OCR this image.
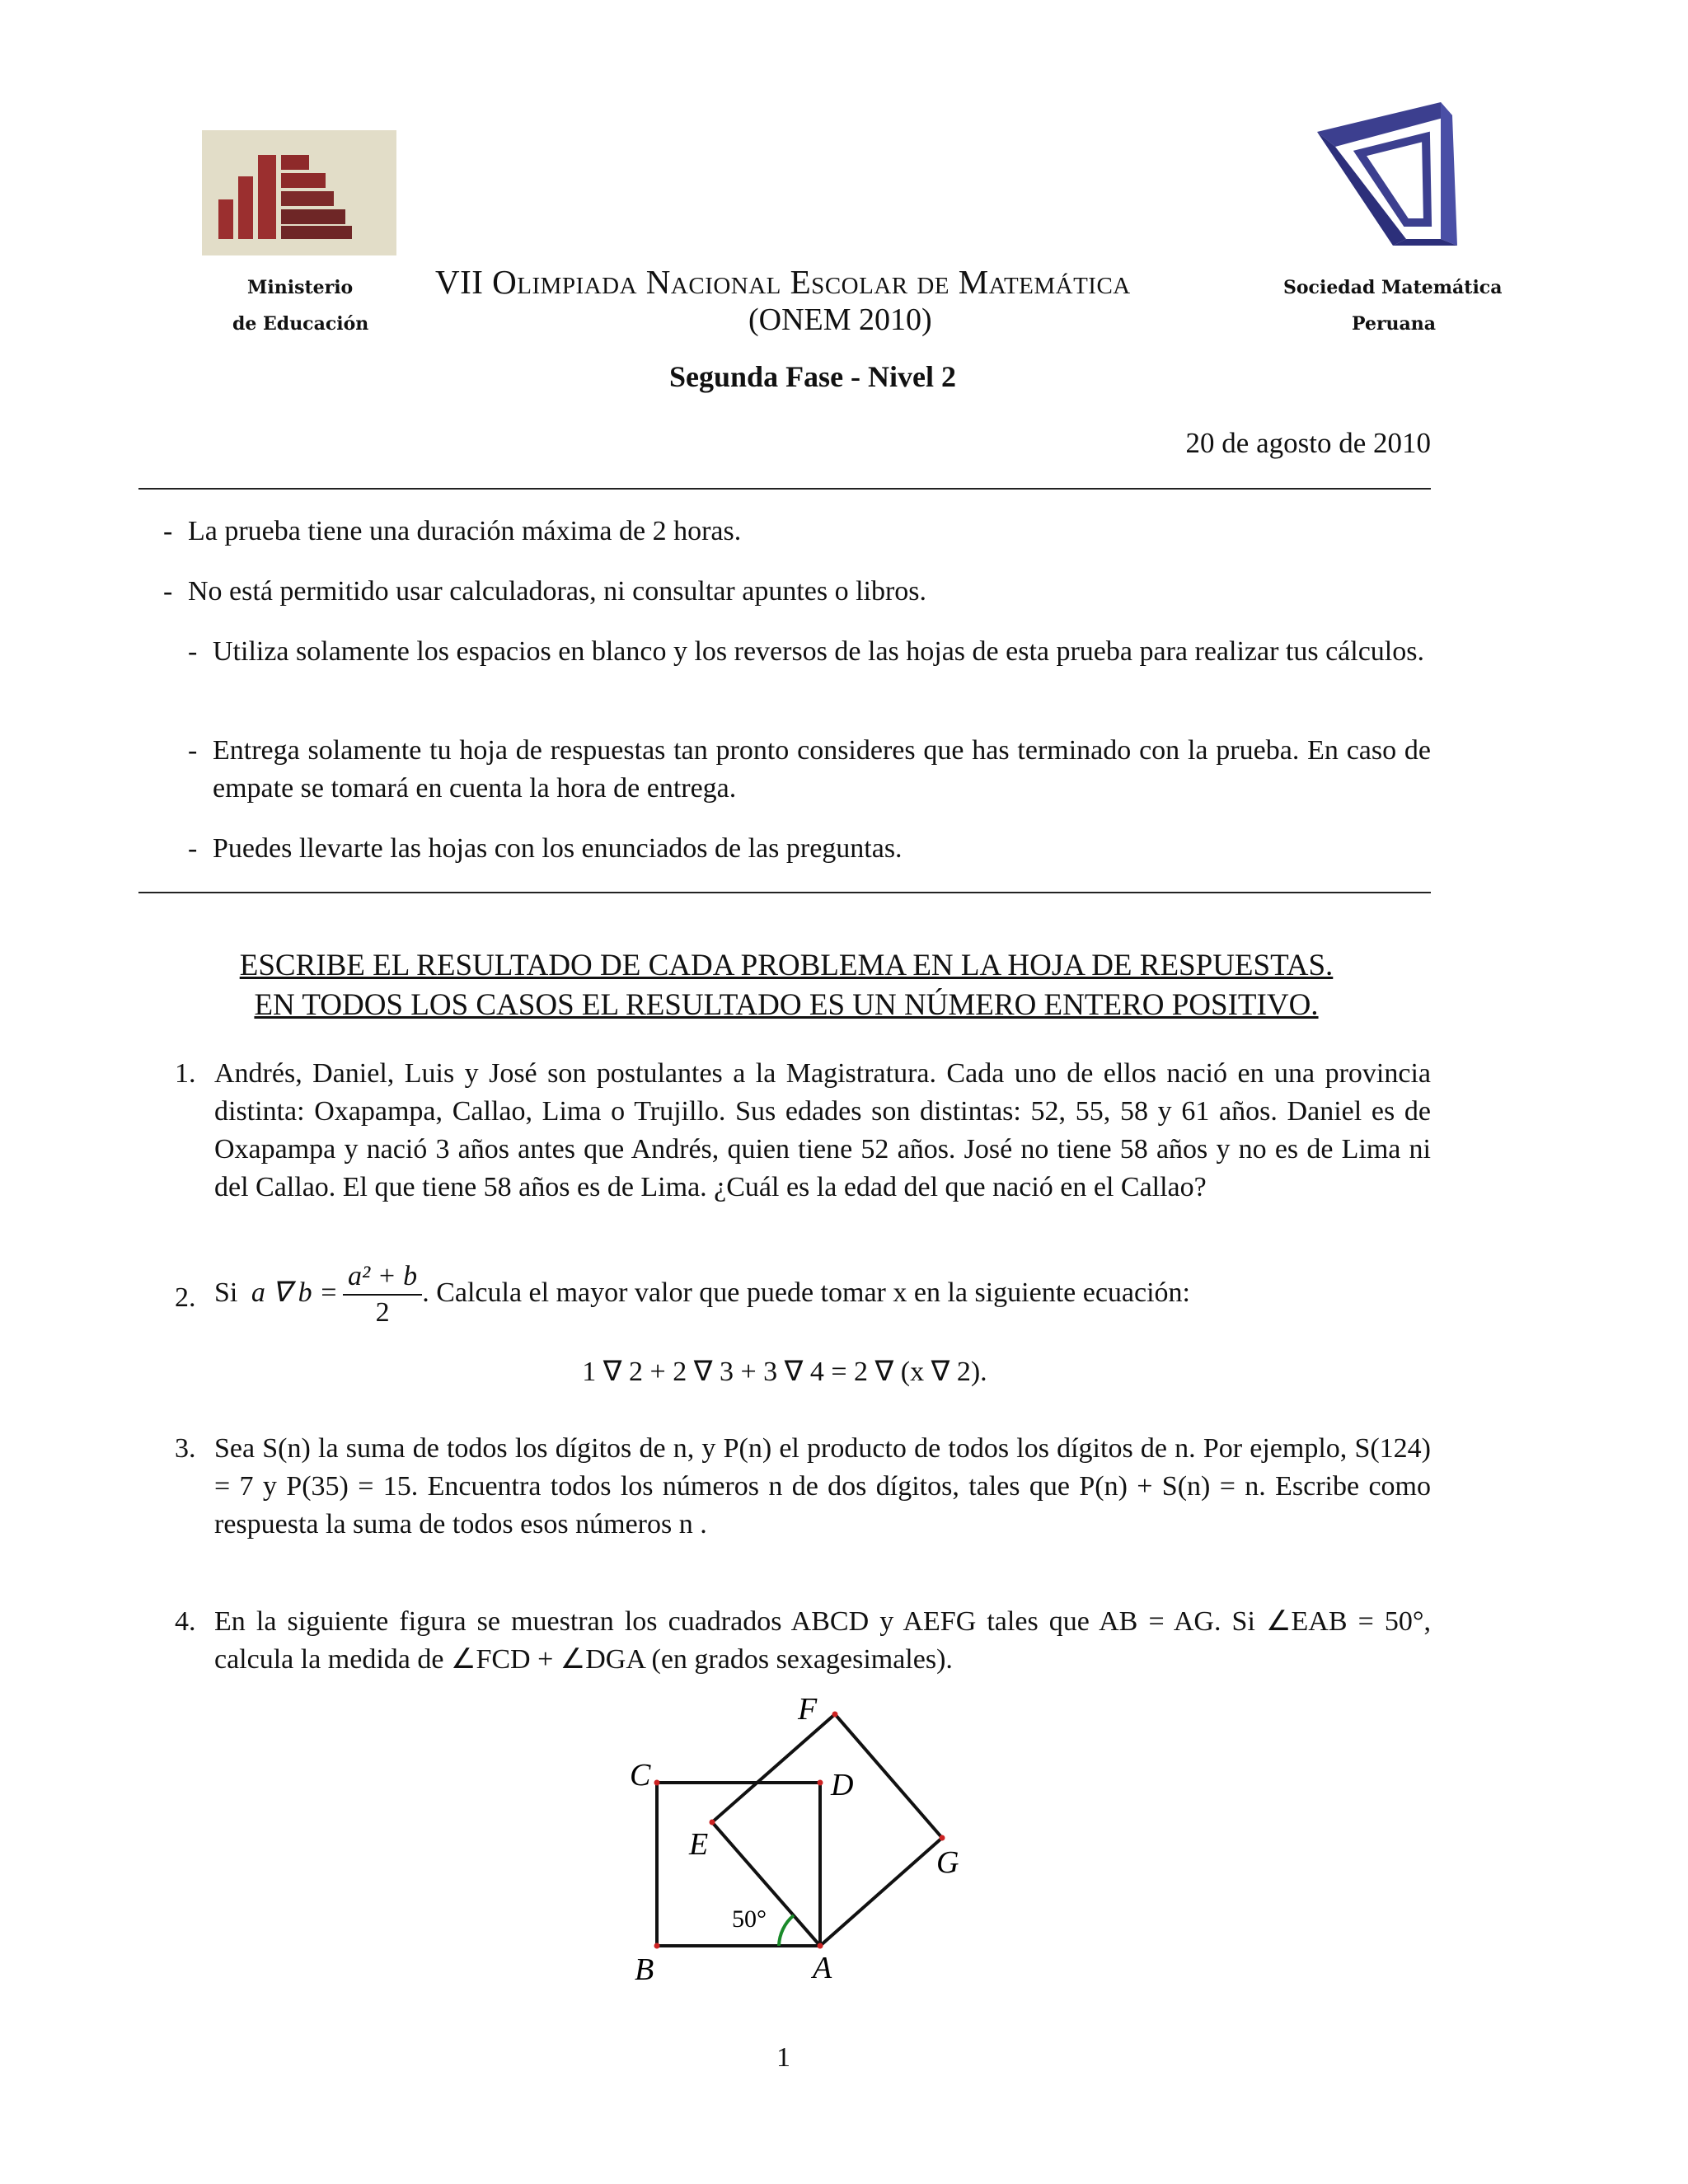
Ministerio
de Educación
VII Olimpiada Nacional Escolar de Matemática
(ONEM 2010)
Sociedad Matemática
Peruana
Segunda Fase - Nivel 2
20 de agosto de 2010
- La prueba tiene una duración máxima de 2 horas.
- No está permitido usar calculadoras, ni consultar apuntes o libros.
- Utiliza solamente los espacios en blanco y los reversos de las hojas de esta prueba para realizar tus cálculos.
- Entrega solamente tu hoja de respuestas tan pronto consideres que has terminado con la prueba. En caso de empate se tomará en cuenta la hora de entrega.
- Puedes llevarte las hojas con los enunciados de las preguntas.
ESCRIBE EL RESULTADO DE CADA PROBLEMA EN LA HOJA DE RESPUESTAS.
EN TODOS LOS CASOS EL RESULTADO ES UN NÚMERO ENTERO POSITIVO.
1. Andrés, Daniel, Luis y José son postulantes a la Magistratura. Cada uno de ellos nació en una provincia distinta: Oxapampa, Callao, Lima o Trujillo. Sus edades son distintas: 52, 55, 58 y 61 años. Daniel es de Oxapampa y nació 3 años antes que Andrés, quien tiene 52 años. José no tiene 58 años y no es de Lima ni del Callao. El que tiene 58 años es de Lima. ¿Cuál es la edad del que nació en el Callao?
2. Si a ∇ $b = \frac{\text{a² + b}}{2}$ . Calcula el mayor valor que puede tomar x en la siguiente ecuación:
1 ∇ 2 + 2 ∇ 3 + 3 ∇ 4 = 2 ∇ (x ∇ 2).
3. Sea S(n) la suma de todos los dígitos de n, y P(n) el producto de todos los dígitos de n. Por ejemplo, S(124) = 7 y P(35) = 15. Encuentra todos los números n de dos dígitos, tales que P(n) + S(n) = n. Escribe como respuesta la suma de todos esos números n .
4. En la siguiente figura se muestran los cuadrados ABCD y AEFG tales que AB = AG. Si ∠EAB = 50°, calcula la medida de ∠FCD + ∠DGA (en grados sexagesimales).
A
B
C	D
E
F
G
50°
1
